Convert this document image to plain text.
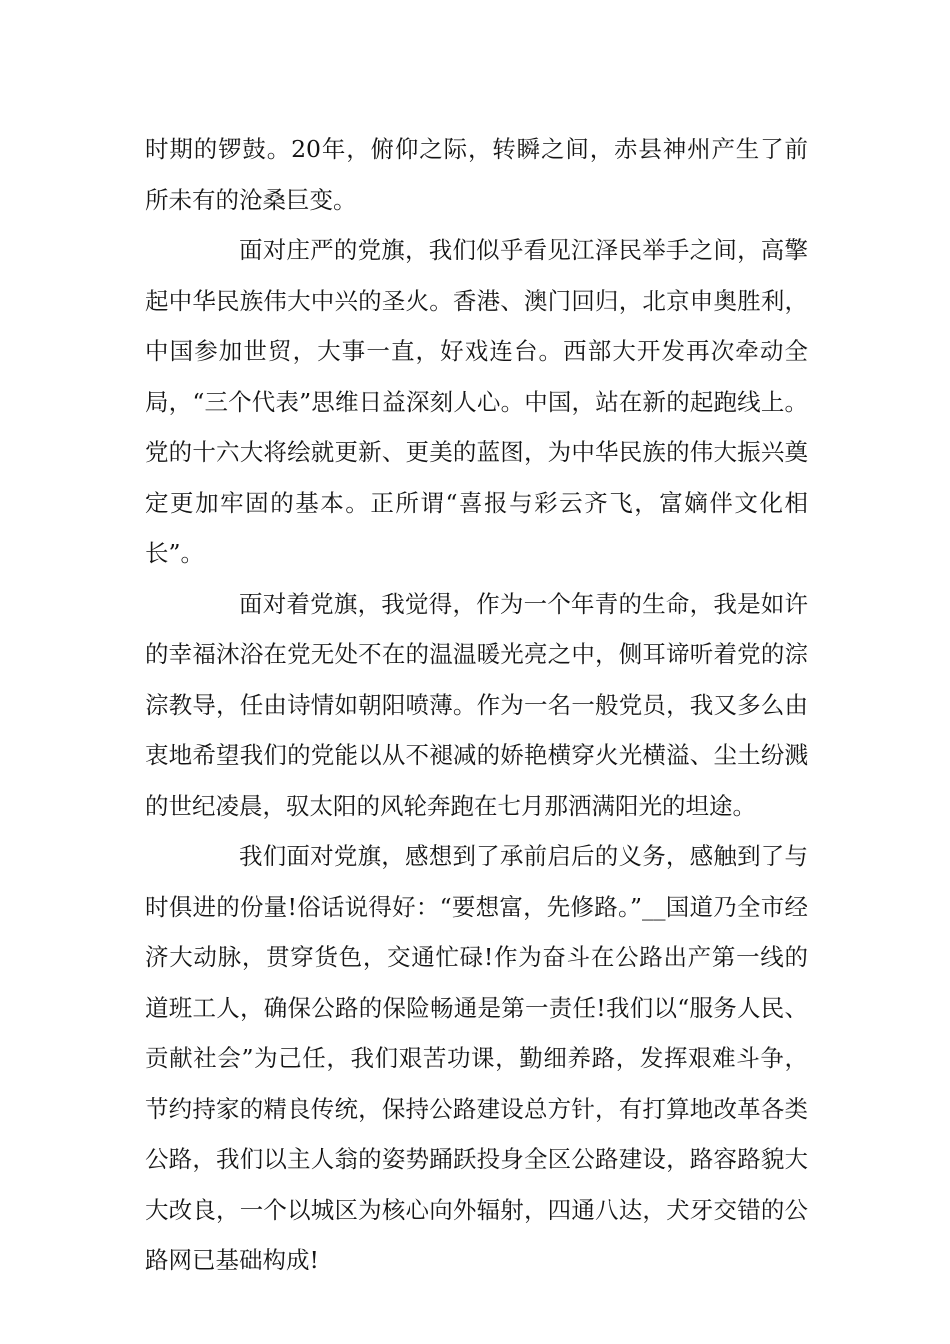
时期的锣鼓。20年，俯仰之际，转瞬之间，赤县神州产生了前所未有的沧桑巨变。

面对庄严的党旗，我们似乎看见江泽民举手之间，高擎起中华民族伟大中兴的圣火。香港、澳门回归，北京申奥胜利，中国参加世贸，大事一直，好戏连台。西部大开发再次牵动全局，“三个代表”思维日益深刻人心。中国，站在新的起跑线上。党的十六大将绘就更新、更美的蓝图，为中华民族的伟大振兴奠定更加牢固的基本。正所谓“喜报与彩云齐飞，富嫡伴文化相长”。

面对着党旗，我觉得，作为一个年青的生命，我是如许的幸福沐浴在党无处不在的温温暖光亮之中，侧耳谛听着党的淙淙教导，任由诗情如朝阳喷薄。作为一名一般党员，我又多么由衷地希望我们的党能以从不褪减的娇艳横穿火光横溢、尘土纷溅的世纪凌晨，驭太阳的风轮奔跑在七月那洒满阳光的坦途。

我们面对党旗，感想到了承前启后的义务，感触到了与时俱进的份量!俗话说得好：“要想富，先修路。”__国道乃全市经济大动脉，贯穿货色，交通忙碌!作为奋斗在公路出产第一线的道班工人，确保公路的保险畅通是第一责任!我们以“服务人民、贡献社会”为己任，我们艰苦功课，勤细养路，发挥艰难斗争，节约持家的精良传统，保持公路建设总方针，有打算地改革各类公路，我们以主人翁的姿势踊跃投身全区公路建设，路容路貌大大改良，一个以城区为核心向外辐射，四通八达，犬牙交错的公路网已基础构成!
